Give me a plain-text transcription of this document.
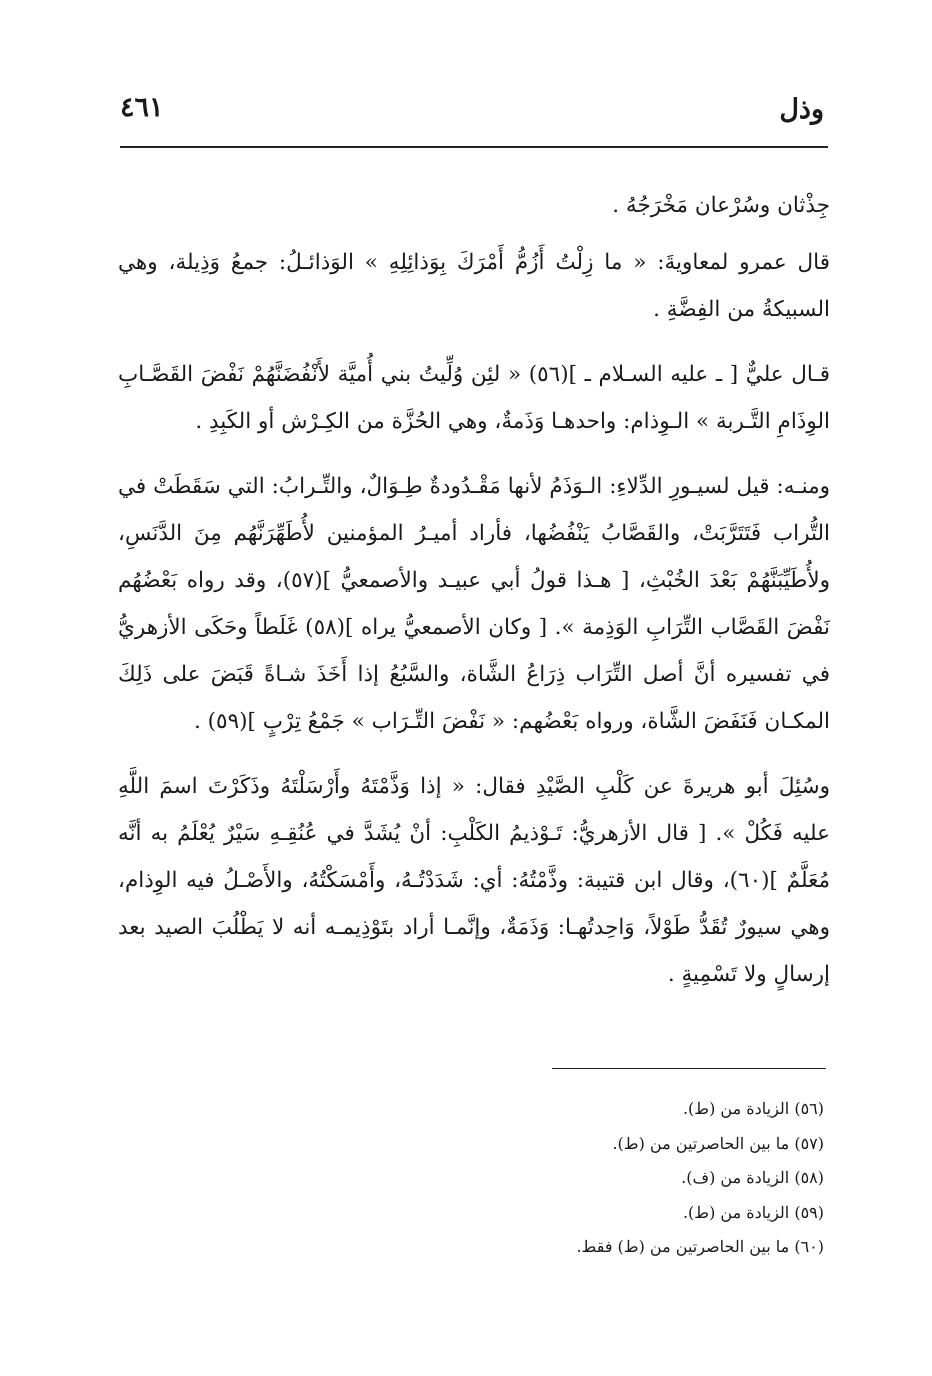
وذل
٤٦١

جِذْثان وسُرْعان مَخْرَجُهُ .

قال عمرو لمعاويةَ: « ما زِلْتُ أَزُمُّ أَمْرَكَ بِوَذائِلِهِ » الوَذائـلُ: جمعُ وَذِيلة، وهي السبيكةُ من الفِضَّةِ .

قـال عليٌّ [ ـ عليه السـلام ـ ](٥٦) « لئِن وُلِّيتُ بني أُميَّة لأَنْفُضَنَّهُمْ نَفْضَ القَصَّـابِ الوِذَامِ التَّـربة » الـوِذام: واحدهـا وَذَمةٌ، وهي الحُزَّة من الكِـرْش أو الكَبِدِ .

ومنـه: قيل لسيـورِ الدِّلاءِ: الـوَذَمُ لأنها مَقْـدُودةٌ طِـوَالٌ، والتِّـرابُ: التي سَقَطَتْ في التُّراب فَتَتَرَّبَتْ، والقَصَّابُ يَنْفُضُها، فأراد أميـرُ المؤمنين لأُطَهِّرَنَّهُم مِنَ الدَّنَسِ، ولأُطَيِّبَنَّهُمْ بَعْدَ الخُبْثِ، [ هـذا قولُ أبي عبيـد والأصمعيُّ ](٥٧)، وقد رواه بَعْضُهُم نَفْضَ القَصَّاب التِّرَابِ الوَذِمة ». [ وكان الأصمعيُّ يراه ](٥٨) غَلَطاً وحَكَى الأزهريُّ في تفسيره أنَّ أصل التِّرَاب ذِرَاعُ الشَّاة، والسَّبُعُ إذا أَخَذَ شـاةً قَبَضَ على ذَلِكَ المكـان فَنَفَضَ الشَّاة، ورواه بَعْضُهم: « نَفْضَ التِّـرَاب » جَمْعُ تِرْبٍ ](٥٩) .

وسُئِلَ أبو هريرةَ عن كَلْبِ الصَّيْدِ فقال: « إذا وَذَّمْتَهُ وأَرْسَلْتَهُ وذَكَرْتَ اسمَ اللَّهِ عليه فَكُلْ ». [ قال الأزهريُّ: تَـوْذيمُ الكَلْبِ: أنْ يُشَدَّ في عُنُقِـهِ سَيْرٌ يُعْلَمُ به أنَّه مُعَلَّمٌ ](٦٠)، وقال ابن قتيبة: وذَّمْتُهُ: أي: شَدَدْتُـهُ، وأَمْسَكْتُهُ، والأَصْـلُ فيه الوِذام، وهي سيورٌ تُقَدُّ طَوْلاً، وَاحِدتُهـا: وَذَمَةٌ، وإنَّمـا أراد بتَوْذِيمـه أنه لا يَطْلُبَ الصيد بعد إرسالٍ ولا تَسْمِيةٍ .

(٥٦) الزيادة من (ط).
(٥٧) ما بين الحاصرتين من (ط).
(٥٨) الزيادة من (ف).
(٥٩) الزيادة من (ط).
(٦٠) ما بين الحاصرتين من (ط) فقط.
